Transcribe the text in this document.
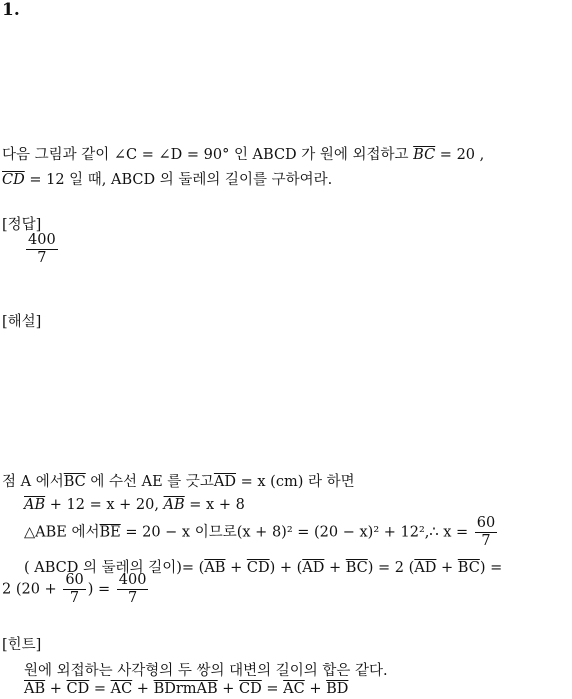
1.
다음 그림과 같이 ∠C = ∠D = 90° 인 ABCD 가 원에 외접하고 $\overline{BC} = 20$ ,
$\overline{CD} = 12$ 일 때, ABCD 의 둘레의 길이를 구하여라.
[정답]
$\frac{400}{7}$
[해설]
점 A 에서$\overline{BC}$ 에 수선 AE 를 긋고$\overline{AD} = x$ (cm) 라 하면
$\overline{AB} + 12 = x + 20$, $\overline{AB} = x + 8$
△ABE 에서$\overline{BE} = 20 - x$ 이므로(x + 8)² = (20 − x)² + 12²,∴ $x = \frac{60}{7}$
( ABCD 의 둘레의 길이)= $(\overline{AB} + \overline{CD}) + (\overline{AD} + \overline{BC}) = 2$ $(\overline{AD} + \overline{BC})$ =
2 ($20 + \frac{60}{7}$ ) = $\frac{400}{7}$
[힌트]
원에 외접하는 사각형의 두 쌍의 대변의 길이의 합은 같다.
$\overline{AB} + \overline{CD} = \overline{AC}$ + BDrmAB + $\overline{CD} = \overline{AC} + \overline{BD}$
